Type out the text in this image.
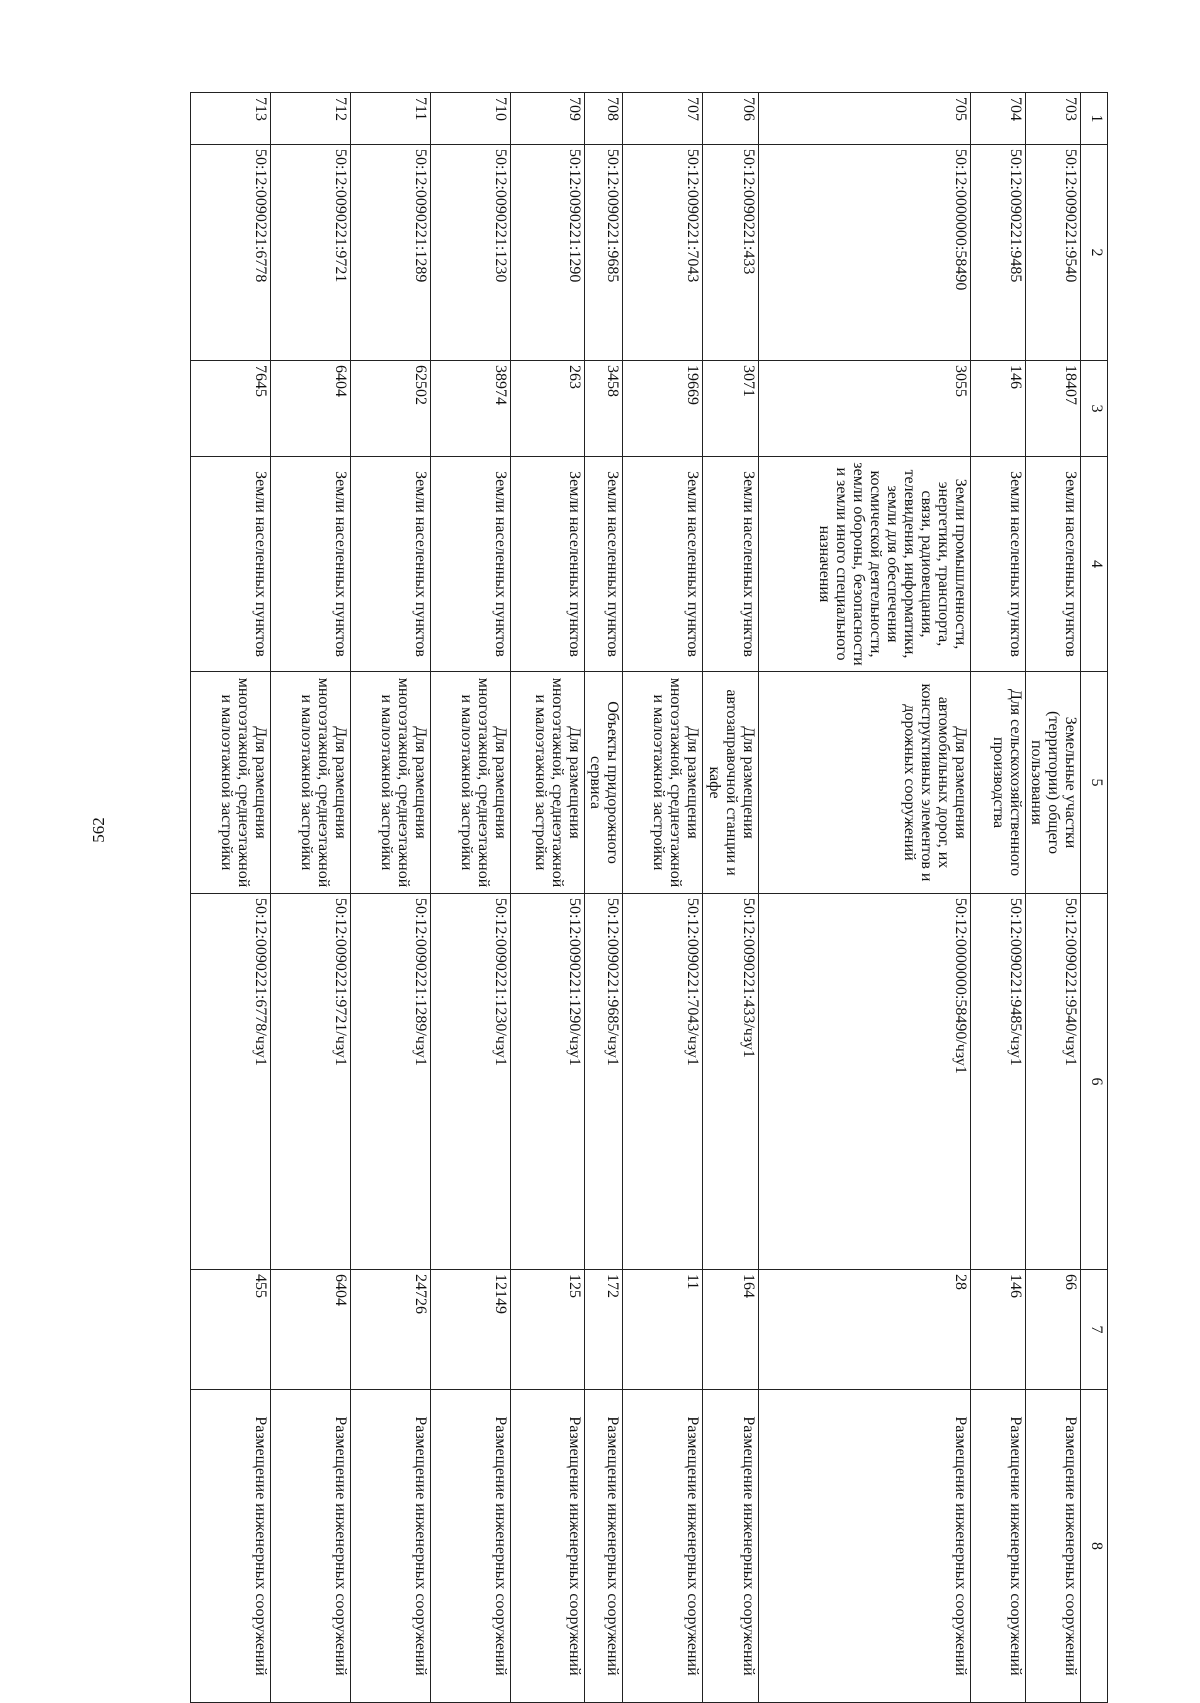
562
1	2	3	4	5	6	7	8
703	50:12:0090221:9540	18407	Земли населенных пунктов	Земельные участки (территории) общего пользования	50:12:0090221:9540/чзу1	66	Размещение инженерных сооружений
704	50:12:0090221:9485	146	Земли населенных пунктов	Для сельскохозяйственного производства	50:12:0090221:9485/чзу1	146	Размещение инженерных сооружений
705	50:12:0000000:58490	3055	Земли промышленности, энергетики, транспорта, связи, радиовещания, телевидения, информатики, земли для обеспечения космической деятельности, земли обороны, безопасности и земли иного специального назначения	Для размещения автомобильных дорог, их конструктивных элементов и дорожных сооружений	50:12:0000000:58490/чзу1	28	Размещение инженерных сооружений
706	50:12:0090221:433	3071	Земли населенных пунктов	Для размещения автозаправочной станции и кафе	50:12:0090221:433/чзу1	164	Размещение инженерных сооружений
707	50:12:0090221:7043	19669	Земли населенных пунктов	Для размещения многоэтажной, среднеэтажной и малоэтажной застройки	50:12:0090221:7043/чзу1	11	Размещение инженерных сооружений
708	50:12:0090221:9685	3458	Земли населенных пунктов	Объекты придорожного сервиса	50:12:0090221:9685/чзу1	172	Размещение инженерных сооружений
709	50:12:0090221:1290	263	Земли населенных пунктов	Для размещения многоэтажной, среднеэтажной и малоэтажной застройки	50:12:0090221:1290/чзу1	125	Размещение инженерных сооружений
710	50:12:0090221:1230	38974	Земли населенных пунктов	Для размещения многоэтажной, среднеэтажной и малоэтажной застройки	50:12:0090221:1230/чзу1	12149	Размещение инженерных сооружений
711	50:12:0090221:1289	62502	Земли населенных пунктов	Для размещения многоэтажной, среднеэтажной и малоэтажной застройки	50:12:0090221:1289/чзу1	24726	Размещение инженерных сооружений
712	50:12:0090221:9721	6404	Земли населенных пунктов	Для размещения многоэтажной, среднеэтажной и малоэтажной застройки	50:12:0090221:9721/чзу1	6404	Размещение инженерных сооружений
713	50:12:0090221:6778	7645	Земли населенных пунктов	Для размещения многоэтажной, среднеэтажной и малоэтажной застройки	50:12:0090221:6778/чзу1	455	Размещение инженерных сооружений
